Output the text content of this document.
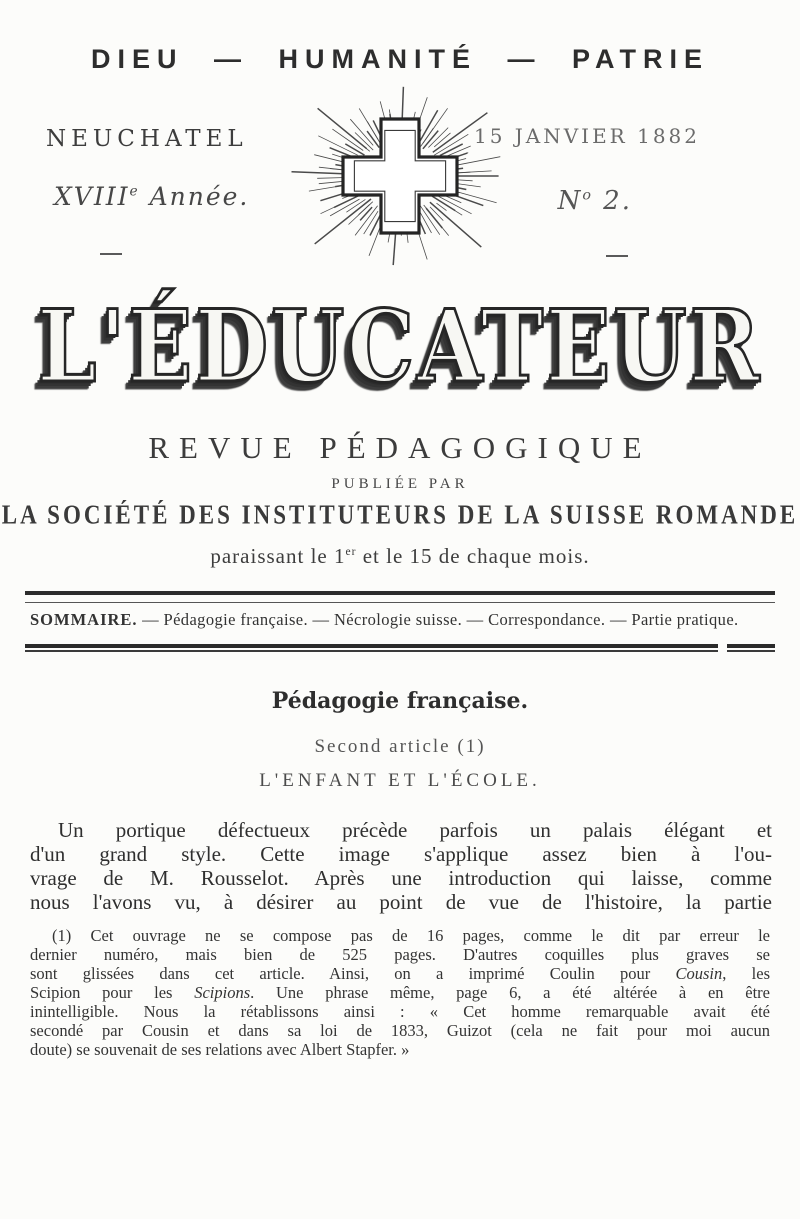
DIEU — HUMANITÉ — PATRIE
NEUCHATEL	15 JANVIER 1882
XVIIIe Année.	$N^o$ 2.
L'ÉDUCATEUR
REVUE PÉDAGOGIQUE
PUBLIÉE PAR
LA SOCIÉTÉ DES INSTITUTEURS DE LA SUISSE ROMANDE
paraissant le 1er et le 15 de chaque mois.
SOMMAIRE. — Pédagogie française. — Nécrologie suisse. — Correspondance. — Partie pratique.
Pédagogie française.
Second article (1)
L'ENFANT ET L'ÉCOLE.
Un portique défectueux précède parfois un palais élégant et
d'un grand style. Cette image s'applique assez bien à l'ou-
vrage de M. Rousselot. Après une introduction qui laisse, comme
nous l'avons vu, à désirer au point de vue de l'histoire, la partie
(1) Cet ouvrage ne se compose pas de 16 pages, comme le dit par erreur le
dernier numéro, mais bien de 525 pages. D'autres coquilles plus graves se
sont glissées dans cet article. Ainsi, on a imprimé Coulin pour Cousin, les
Scipion pour les Scipions. Une phrase même, page 6, a été altérée à en être
inintelligible. Nous la rétablissons ainsi : « Cet homme remarquable avait été
secondé par Cousin et dans sa loi de 1833, Guizot (cela ne fait pour moi aucun
doute) se souvenait de ses relations avec Albert Stapfer. »
